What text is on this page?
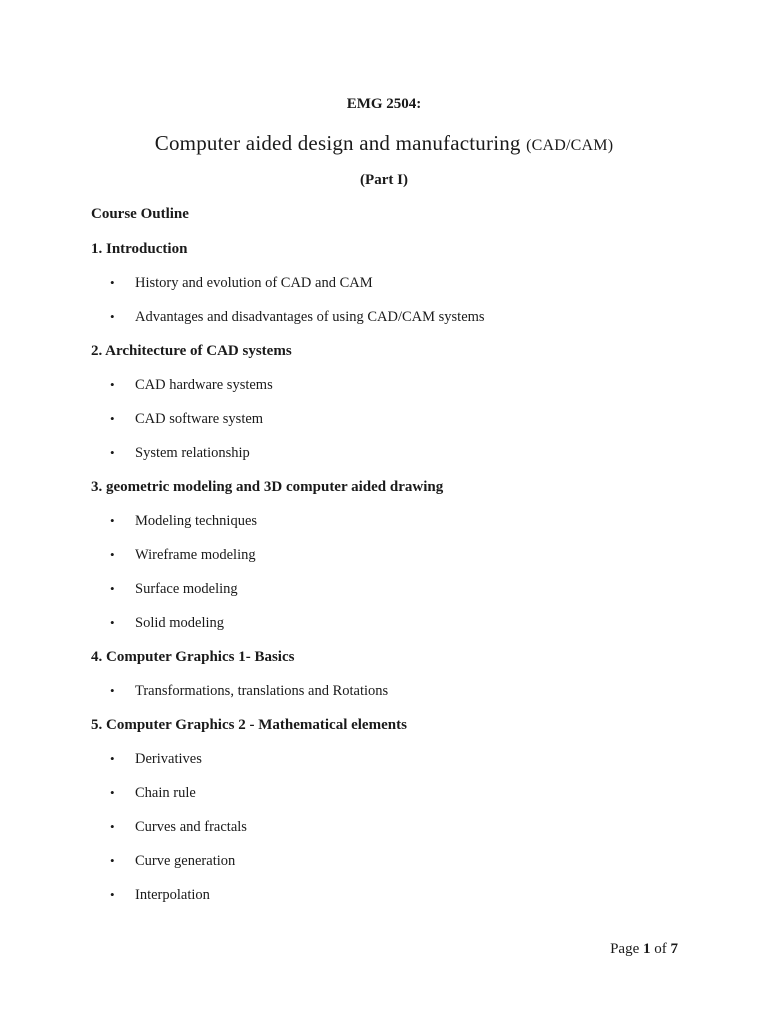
EMG 2504:
Computer aided design and manufacturing (CAD/CAM)
(Part I)
Course Outline
1. Introduction
• History and evolution of CAD and CAM
• Advantages and disadvantages of using CAD/CAM systems
2. Architecture of CAD systems
• CAD hardware systems
• CAD software system
• System relationship
3. geometric modeling and 3D computer aided drawing
• Modeling techniques
• Wireframe modeling
• Surface modeling
• Solid modeling
4. Computer Graphics 1- Basics
• Transformations, translations and Rotations
5. Computer Graphics 2 - Mathematical elements
• Derivatives
• Chain rule
• Curves and fractals
• Curve generation
• Interpolation
Page 1 of 7
